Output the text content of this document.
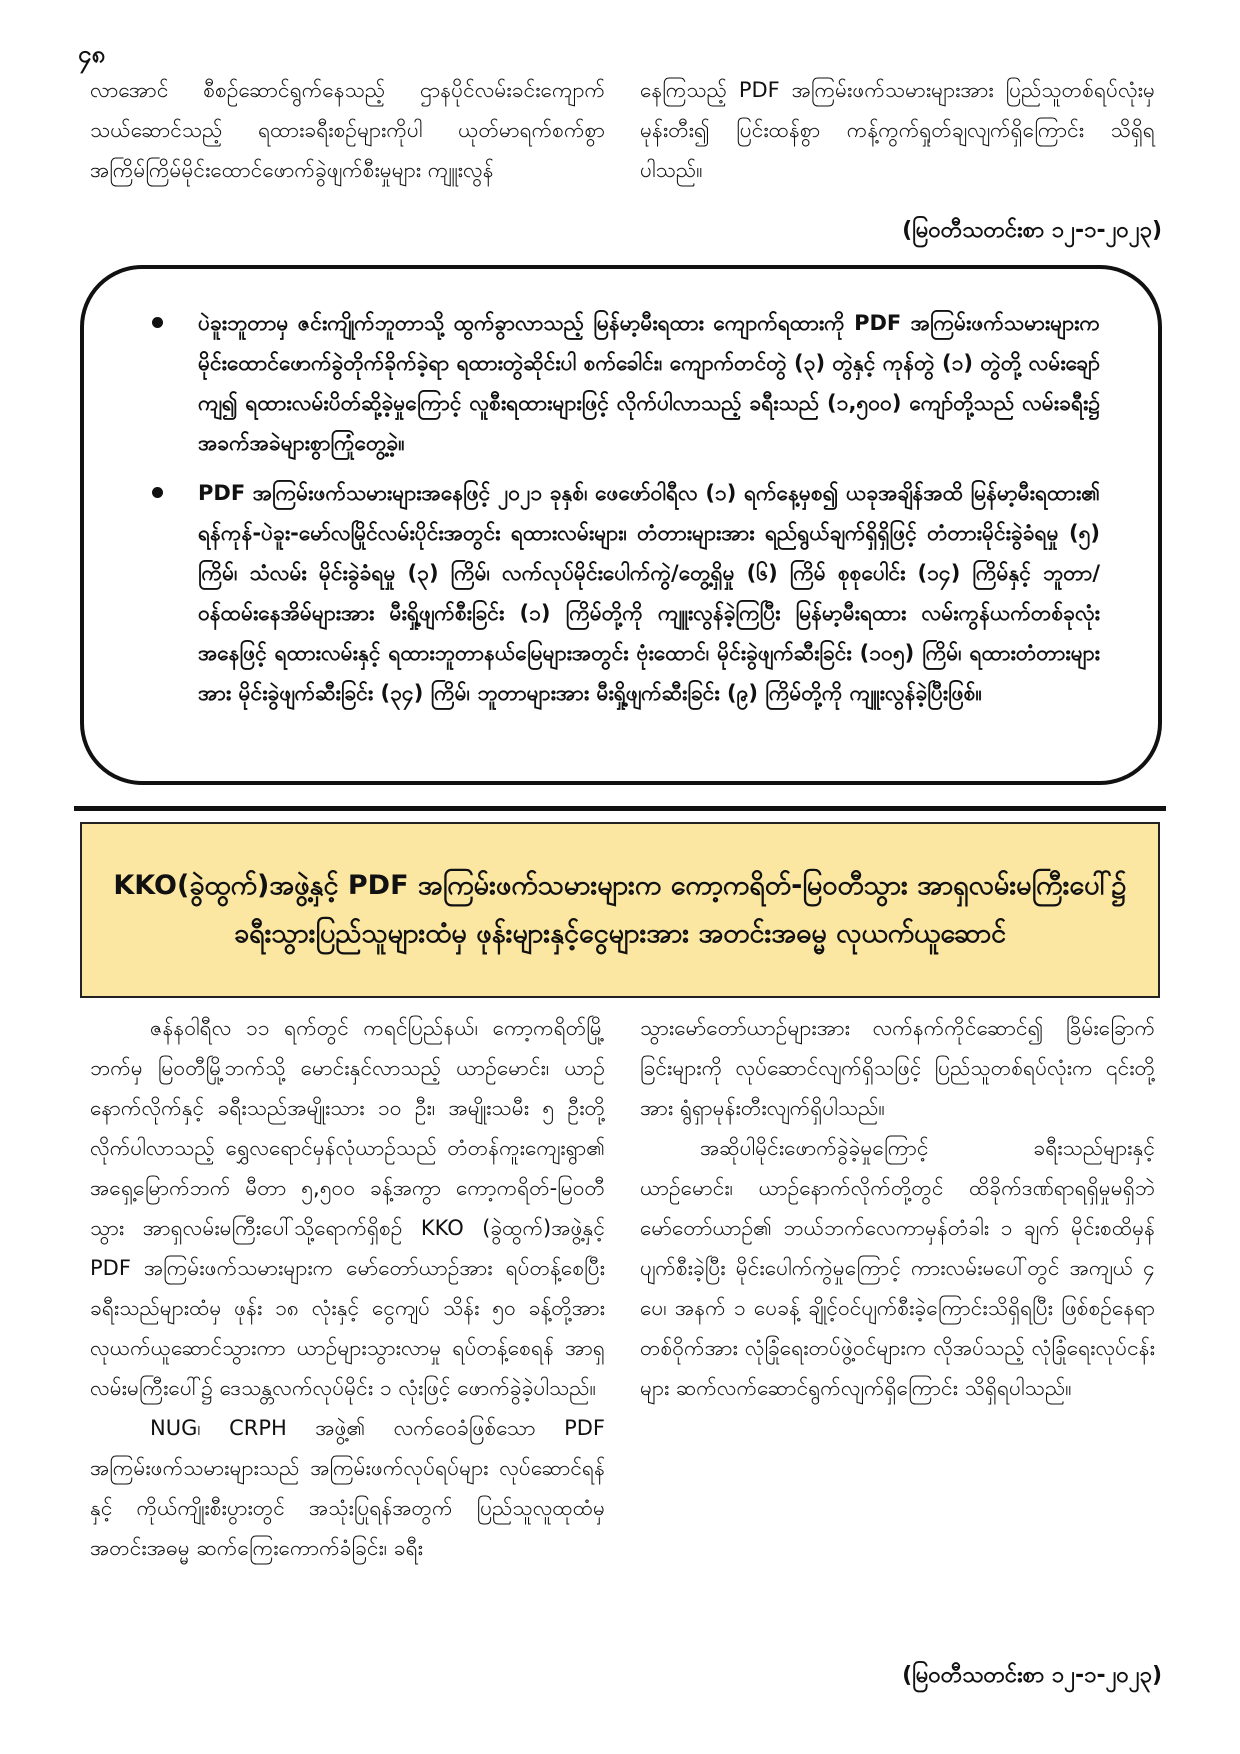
၄၈

လာအောင် စီစဉ်ဆောင်ရွက်နေသည့် ဌာနပိုင်လမ်းခင်းကျောက် သယ်ဆောင်သည့် ရထားခရီးစဉ်များကိုပါ ယုတ်မာရက်စက်စွာ အကြိမ်ကြိမ်မိုင်းထောင်ဖောက်ခွဲဖျက်စီးမှုများ ကျူးလွန်

နေကြသည့် PDF အကြမ်းဖက်သမားများအား ပြည်သူတစ်ရပ်လုံးမှ မုန်းတီး၍ ပြင်းထန်စွာ ကန့်ကွက်ရှုတ်ချလျက်ရှိကြောင်း သိရှိရပါသည်။

(မြဝတီသတင်းစာ ၁၂-၁-၂၀၂၃)
ပဲခူးဘူတာမှ ဇင်းကျိုက်ဘူတာသို့ ထွက်ခွာလာသည့် မြန်မာ့မီးရထား ကျောက်ရထားကို PDF အကြမ်းဖက်သမားများက မိုင်းထောင်ဖောက်ခွဲတိုက်ခိုက်ခဲ့ရာ ရထားတွဲဆိုင်းပါ စက်ခေါင်း၊ ကျောက်တင်တွဲ (၃) တွဲနှင့် ကုန်တွဲ (၁) တွဲတို့ လမ်းချော်ကျ၍ ရထားလမ်းပိတ်ဆို့ခဲ့မှုကြောင့် လူစီးရထားများဖြင့် လိုက်ပါလာသည့် ခရီးသည် (၁,၅၀၀) ကျော်တို့သည် လမ်းခရီး၌ အခက်အခဲများစွာကြုံတွေ့ခဲ့။
PDF အကြမ်းဖက်သမားများအနေဖြင့် ၂၀၂၁ ခုနှစ်၊ ဖေဖော်ဝါရီလ (၁) ရက်နေ့မှစ၍ ယခုအချိန်အထိ မြန်မာ့မီးရထား၏ ရန်ကုန်-ပဲခူး-မော်လမြိုင်လမ်းပိုင်းအတွင်း ရထားလမ်းများ၊ တံတားများအား ရည်ရွယ်ချက်ရှိရှိဖြင့် တံတားမိုင်းခွဲခံရမှု (၅) ကြိမ်၊ သံလမ်း မိုင်းခွဲခံရမှု (၃) ကြိမ်၊ လက်လုပ်မိုင်းပေါက်ကွဲ/တွေ့ရှိမှု (၆) ကြိမ် စုစုပေါင်း (၁၄) ကြိမ်နှင့် ဘူတာ/ဝန်ထမ်းနေအိမ်များအား မီးရှို့ဖျက်စီးခြင်း (၁) ကြိမ်တို့ကို ကျူးလွန်ခဲ့ကြပြီး မြန်မာ့မီးရထား လမ်းကွန်ယက်တစ်ခုလုံးအနေဖြင့် ရထားလမ်းနှင့် ရထားဘူတာနယ်မြေများအတွင်း ဗုံးထောင်၊ မိုင်းခွဲဖျက်ဆီးခြင်း (၁၀၅) ကြိမ်၊ ရထားတံတားများအား မိုင်းခွဲဖျက်ဆီးခြင်း (၃၄) ကြိမ်၊ ဘူတာများအား မီးရှို့ဖျက်ဆီးခြင်း (၉) ကြိမ်တို့ကို ကျူးလွန်ခဲ့ပြီးဖြစ်။
KKO(ခွဲထွက်)အဖွဲ့နှင့် PDF အကြမ်းဖက်သမားများက ကော့ကရိတ်-မြဝတီသွား အာရှလမ်းမကြီးပေါ်၌ ခရီးသွားပြည်သူများထံမှ ဖုန်းများနှင့်ငွေများအား အတင်းအဓမ္မ လုယက်ယူဆောင်

ဇန်နဝါရီလ ၁၁ ရက်တွင် ကရင်ပြည်နယ်၊ ကော့ကရိတ်မြို့ဘက်မှ မြဝတီမြို့ဘက်သို့ မောင်းနှင်လာသည့် ယာဉ်မောင်း၊ ယာဉ်နောက်လိုက်နှင့် ခရီးသည်အမျိုးသား ၁၀ ဦး၊ အမျိုးသမီး ၅ ဦးတို့ လိုက်ပါလာသည့် ရွှေလရောင်မှန်လုံယာဉ်သည် တံတန်ကူးကျေးရွာ၏ အရှေ့မြောက်ဘက် မီတာ ၅,၅၀၀ ခန့်အကွာ ကော့ကရိတ်-မြဝတီသွား အာရှလမ်းမကြီးပေါ်သို့ရောက်ရှိစဉ် KKO (ခွဲထွက်)အဖွဲ့နှင့် PDF အကြမ်းဖက်သမားများက မော်တော်ယာဉ်အား ရပ်တန့်စေပြီး ခရီးသည်များထံမှ ဖုန်း ၁၈ လုံးနှင့် ငွေကျပ် သိန်း ၅၀ ခန့်တို့အား လုယက်ယူဆောင်သွားကာ ယာဉ်များသွားလာမှု ရပ်တန့်စေရန် အာရှလမ်းမကြီးပေါ်၌ ဒေသန္တလက်လုပ်မိုင်း ၁ လုံးဖြင့် ဖောက်ခွဲခဲ့ပါသည်။

NUG၊ CRPH အဖွဲ့၏ လက်ဝေခံဖြစ်သော PDF အကြမ်းဖက်သမားများသည် အကြမ်းဖက်လုပ်ရပ်များ လုပ်ဆောင်ရန်နှင့် ကိုယ်ကျိုးစီးပွားတွင် အသုံးပြုရန်အတွက် ပြည်သူလူထုထံမှ အတင်းအဓမ္မ ဆက်ကြေးကောက်ခံခြင်း၊ ခရီး

သွားမော်တော်ယာဉ်များအား လက်နက်ကိုင်ဆောင်၍ ခြိမ်းခြောက်ခြင်းများကို လုပ်ဆောင်လျက်ရှိသဖြင့် ပြည်သူတစ်ရပ်လုံးက ၎င်းတို့အား ရွံရှာမုန်းတီးလျက်ရှိပါသည်။

အဆိုပါမိုင်းဖောက်ခွဲခဲ့မှုကြောင့် ခရီးသည်များနှင့် ယာဉ်မောင်း၊ ယာဉ်နောက်လိုက်တို့တွင် ထိခိုက်ဒဏ်ရာရရှိမှုမရှိဘဲ မော်တော်ယာဉ်၏ ဘယ်ဘက်လေကာမှန်တံခါး ၁ ချက် မိုင်းစထိမှန်ပျက်စီးခဲ့ပြီး မိုင်းပေါက်ကွဲမှုကြောင့် ကားလမ်းမပေါ်တွင် အကျယ် ၄ ပေ၊ အနက် ၁ ပေခန့် ချိုင့်ဝင်ပျက်စီးခဲ့ကြောင်းသိရှိရပြီး ဖြစ်စဉ်နေရာတစ်ဝိုက်အား လုံခြုံရေးတပ်ဖွဲ့ဝင်များက လိုအပ်သည့် လုံခြုံရေးလုပ်ငန်းများ ဆက်လက်ဆောင်ရွက်လျက်ရှိကြောင်း သိရှိရပါသည်။

(မြဝတီသတင်းစာ ၁၂-၁-၂၀၂၃)
